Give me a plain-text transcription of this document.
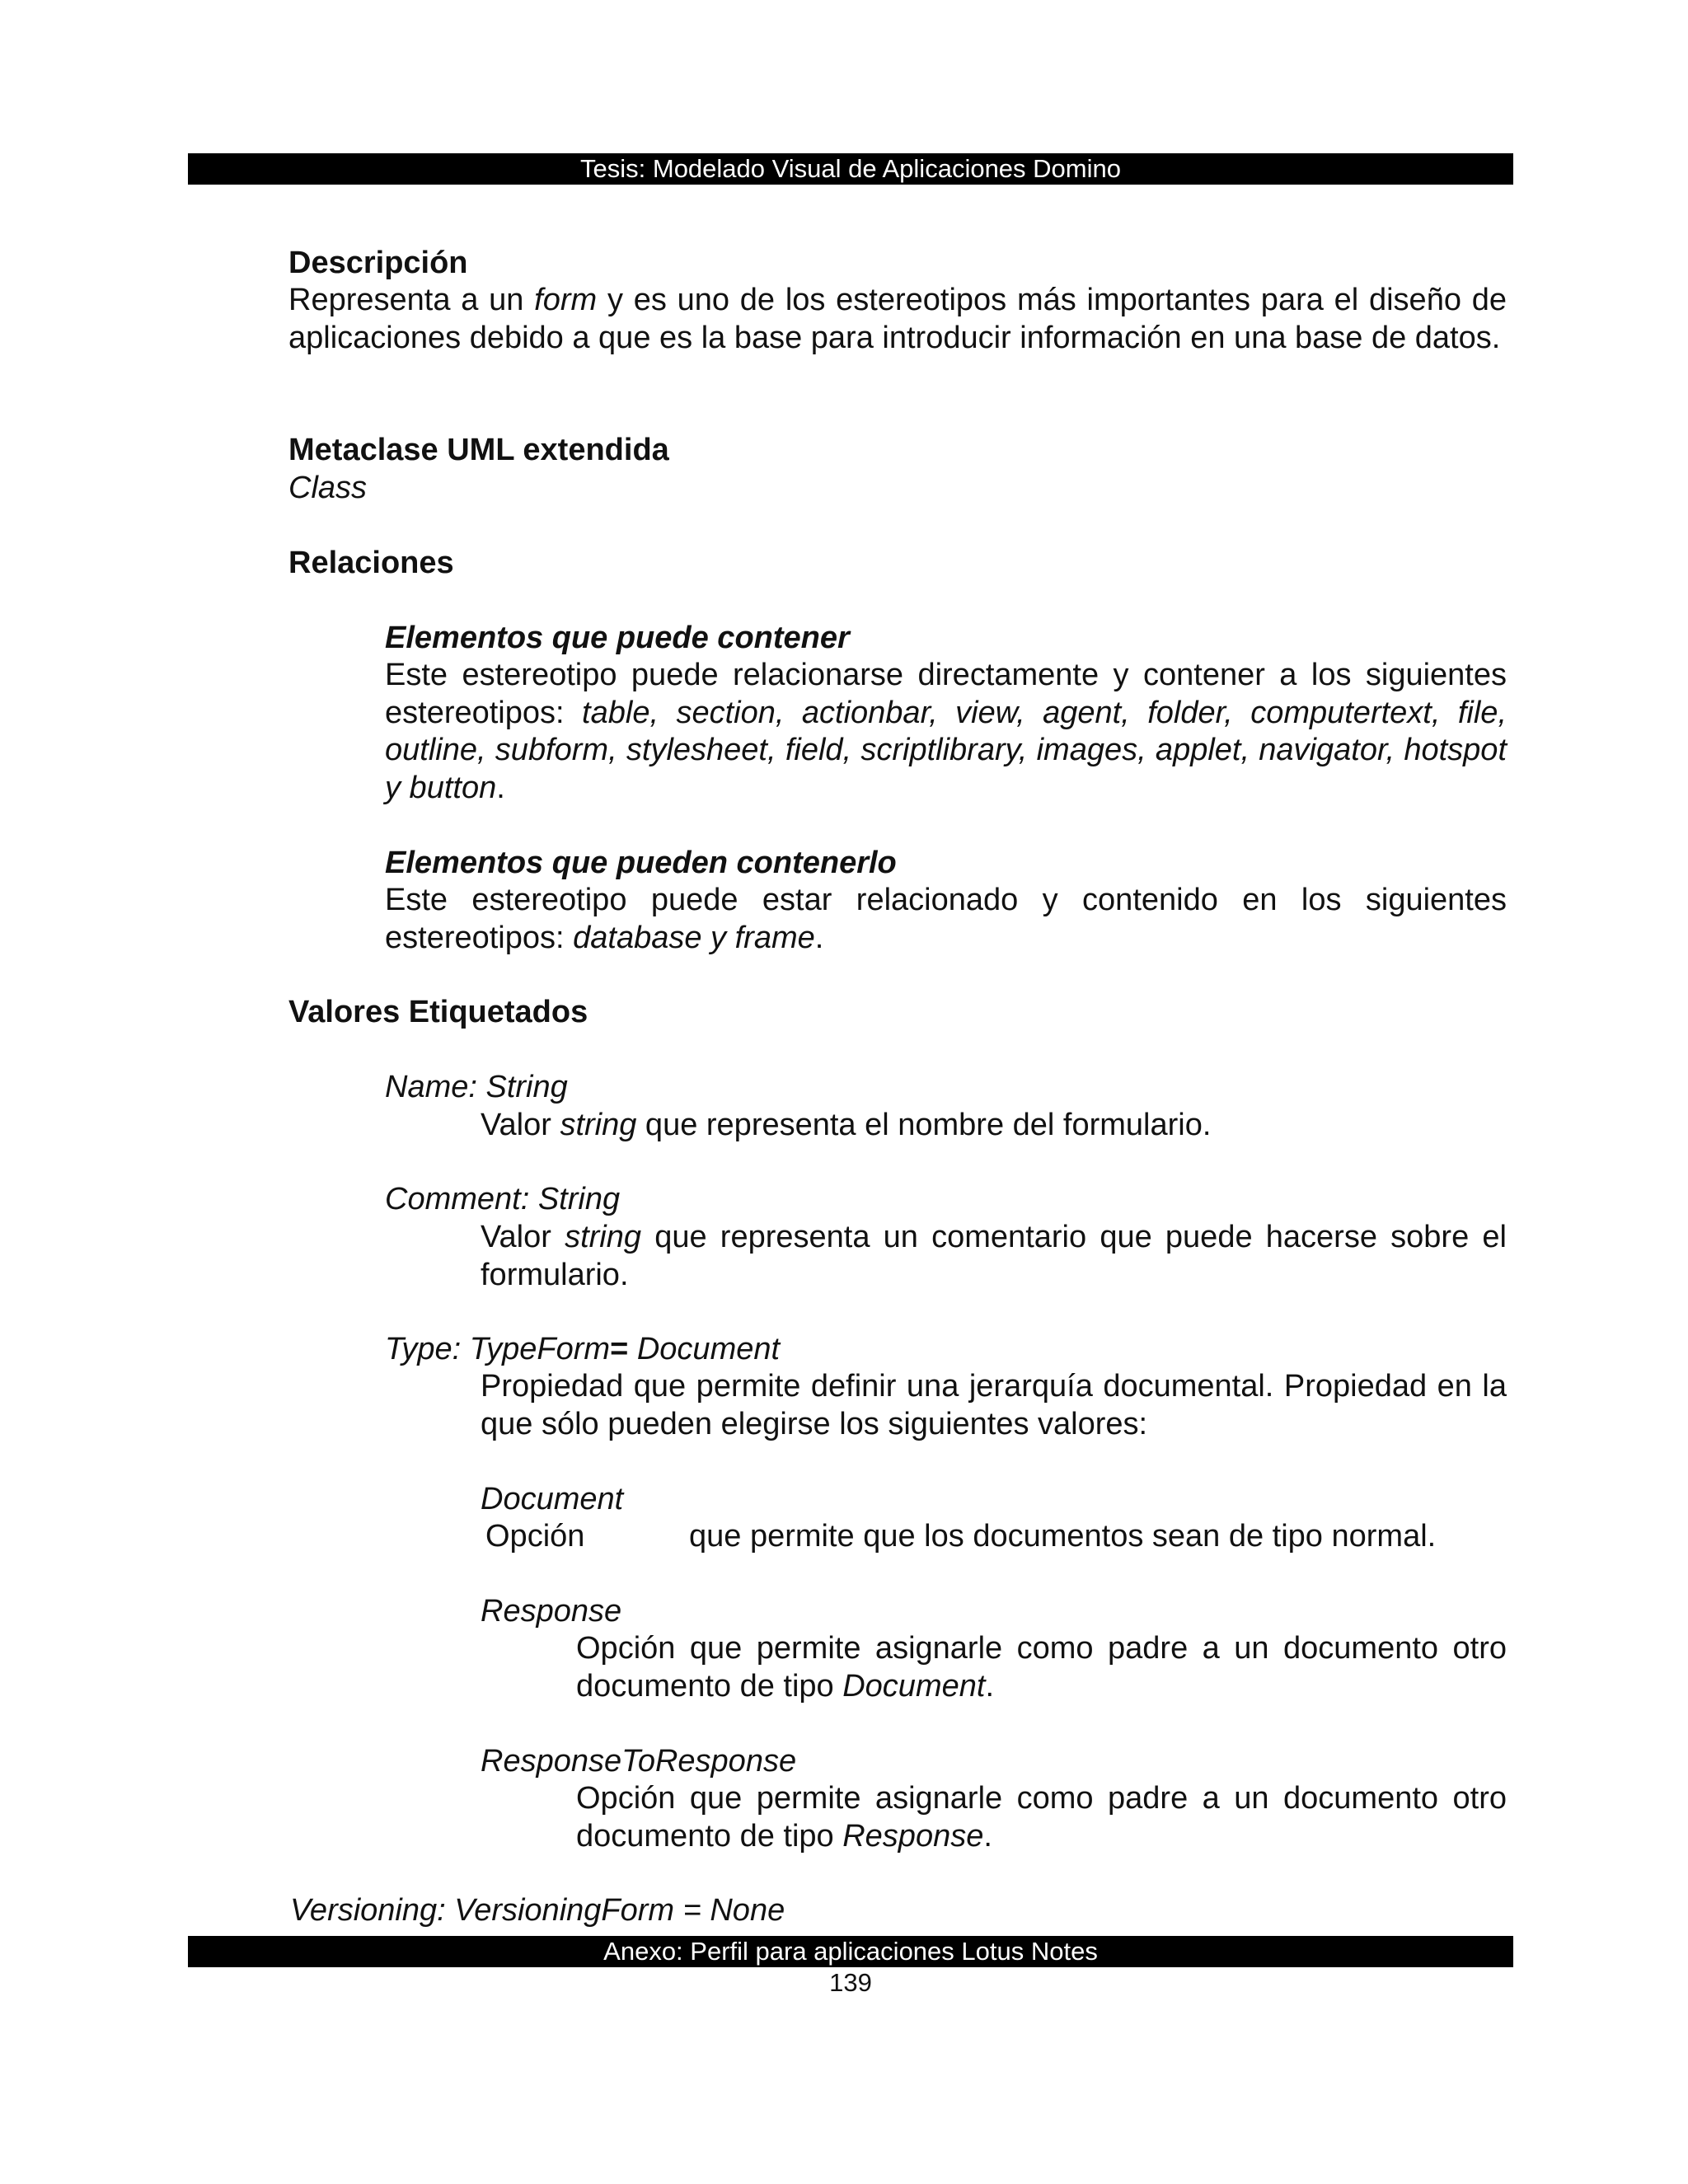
Tesis: Modelado Visual de Aplicaciones Domino
Descripción

Representa a un form y es uno de los estereotipos más importantes para el diseño de aplicaciones debido a que es la base para introducir información en una base de datos.

Metaclase UML extendida
Class
Relaciones
Elementos que puede contener

Este estereotipo puede relacionarse directamente y contener a los siguientes estereotipos: table, section, actionbar, view, agent, folder, computertext, file, outline, subform, stylesheet, field, scriptlibrary, images, applet, navigator, hotspot y button.

Elementos que pueden contenerlo

Este estereotipo puede estar relacionado y contenido en los siguientes estereotipos: database y frame.

Valores Etiquetados
Name: String
Valor string que representa el nombre del formulario.
Comment: String

Valor string que representa un comentario que puede hacerse sobre el formulario.

Type: TypeForm= Document

Propiedad que permite definir una jerarquía documental. Propiedad en la que sólo pueden elegirse los siguientes valores:

Document
Opción	que permite que los documentos sean de tipo normal.
Response

Opción que permite asignarle como padre a un documento otro documento de tipo Document.

ResponseToResponse

Opción que permite asignarle como padre a un documento otro documento de tipo Response.

Versioning: VersioningForm = None
Anexo: Perfil para aplicaciones Lotus Notes
139
